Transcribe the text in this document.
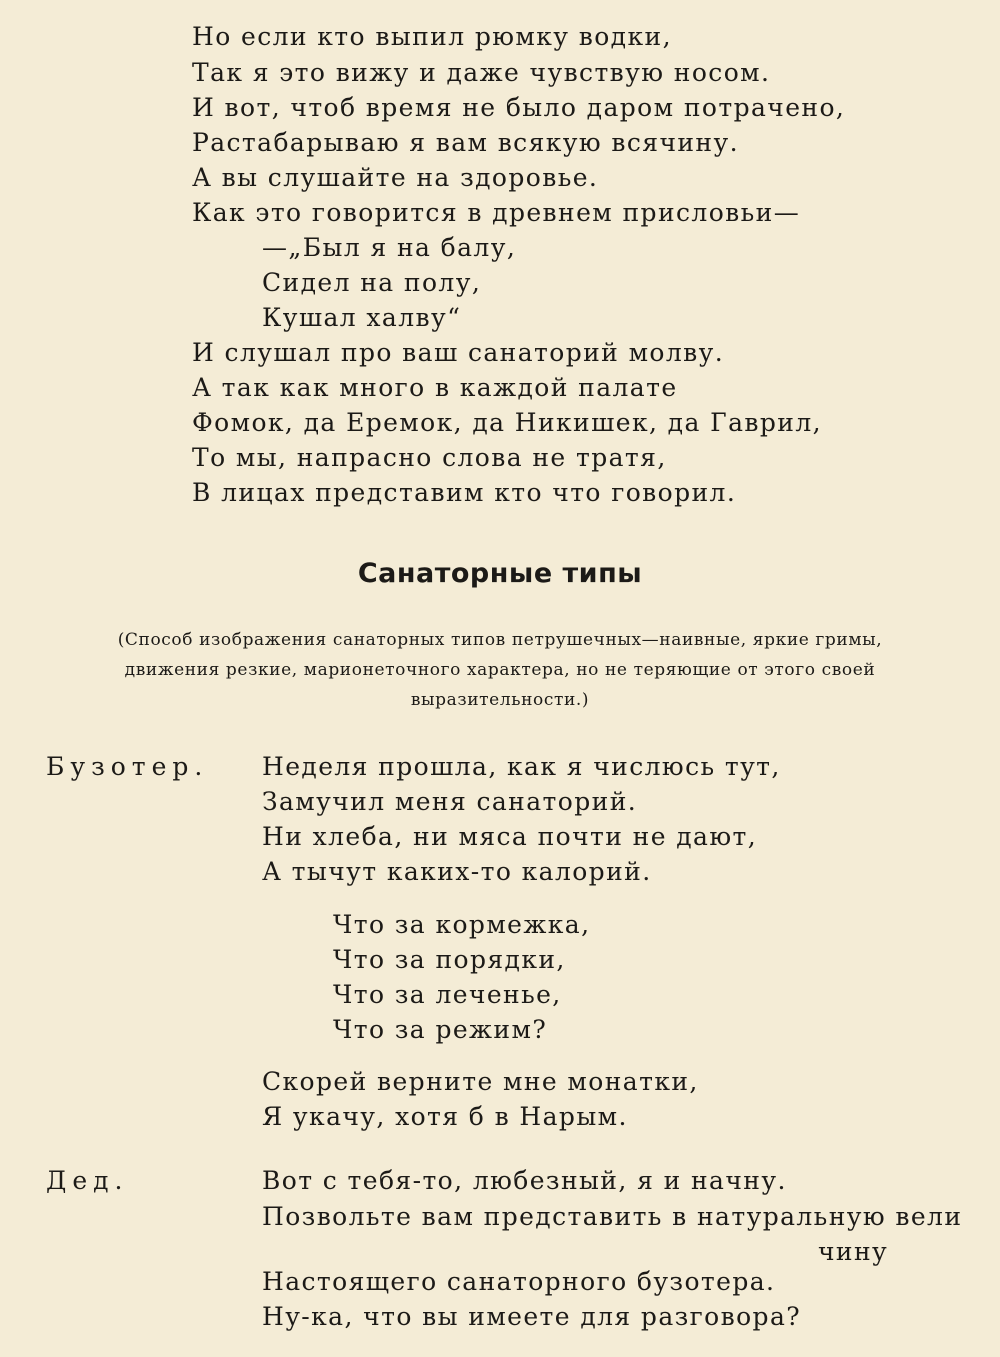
Но если кто выпил рюмку водки,
Так я это вижу и даже чувствую носом.
И вот, чтоб время не было даром потрачено,
Растабарываю я вам всякую всячину.
А вы слушайте на здоровье.
Как это говорится в древнем присловьи—
—„Был я на балу,
Сидел на полу,
Кушал халву“
И слушал про ваш санаторий молву.
А так как много в каждой палате
Фомок, да Еремок, да Никишек, да Гаврил,
То мы, напрасно слова не тратя,
В лицах представим кто что говорил.
Санаторные типы
(Способ изображения санаторных типов петрушечных—наивные, яркие гримы,
движения резкие, марионеточного характера, но не теряющие от этого своей
выразительности.)
Бузотер. Неделя прошла, как я числюсь тут,
Замучил меня санаторий.
Ни хлеба, ни мяса почти не дают,
А тычут каких-то калорий.
Что за кормежка,
Что за порядки,
Что за леченье,
Что за режим?
Скорей верните мне монатки,
Я укачу, хотя б в Нарым.
Дед.	Вот с тебя-то, любезный, я и начну.
Позвольте вам представить в натуральную вели
чину
Настоящего санаторного бузотера.
Ну-ка, что вы имеете для разговора?
